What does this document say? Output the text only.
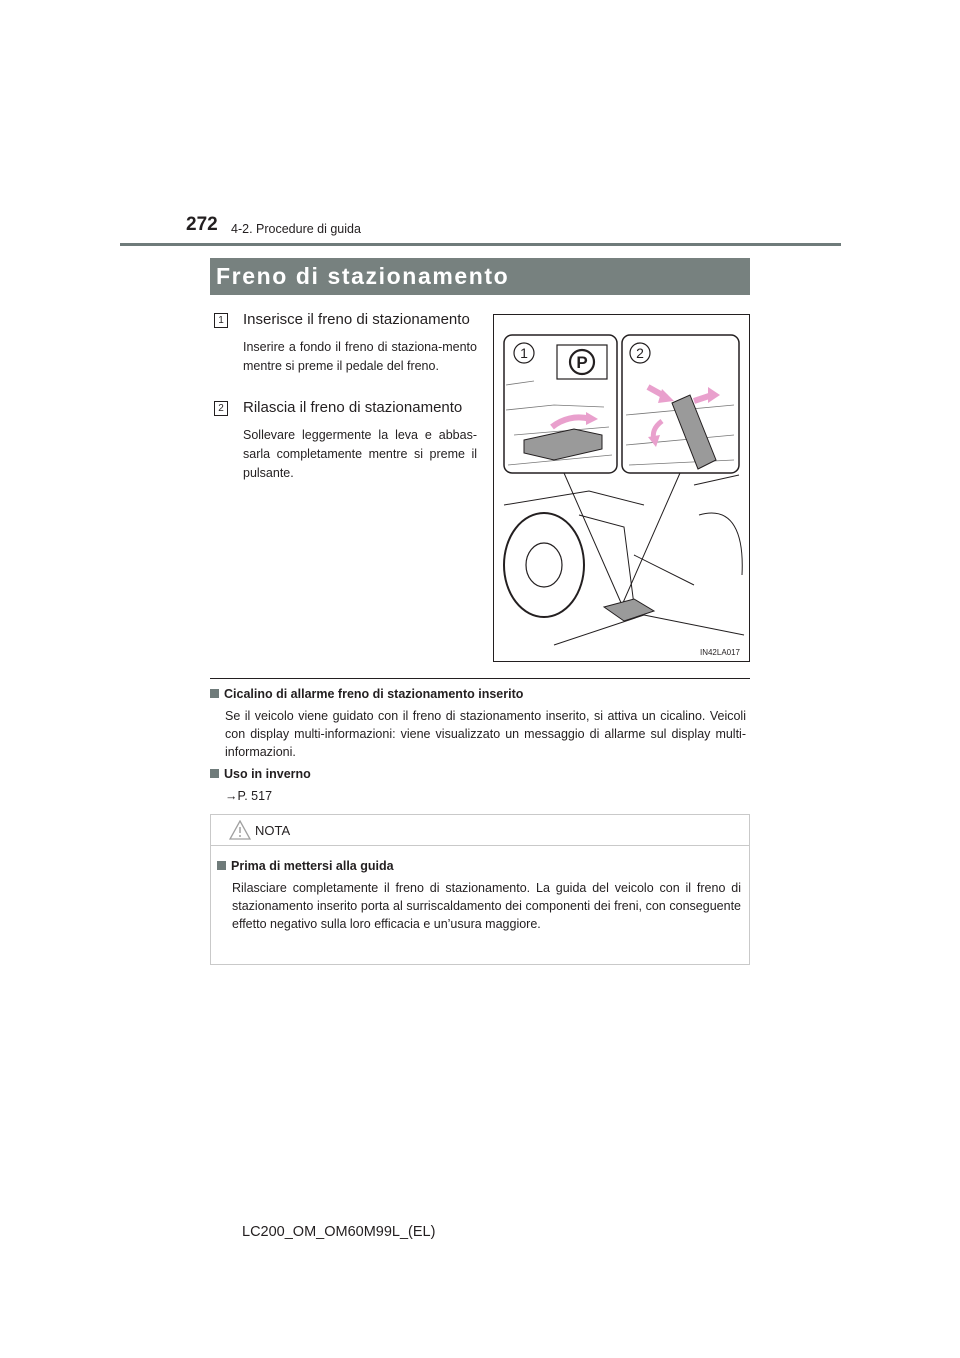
272 4-2. Procedure di guida
Freno di stazionamento
1 Inserisce il freno di stazionamento
Inserire a fondo il freno di staziona-mento mentre si preme il pedale del freno.
2 Rilascia il freno di stazionamento
Sollevare leggermente la leva e abbas-sarla completamente mentre si preme il pulsante.
1	P	2
IN42LA017
Cicalino di allarme freno di stazionamento inserito
Se il veicolo viene guidato con il freno di stazionamento inserito, si attiva un cicalino. Veicoli con display multi-informazioni: viene visualizzato un messaggio di allarme sul display multi-informazioni.
Uso in inverno
→P. 517
NOTA
Prima di mettersi alla guida
Rilasciare completamente il freno di stazionamento. La guida del veicolo con il freno di stazionamento inserito porta al surriscaldamento dei componenti dei freni, con conseguente effetto negativo sulla loro efficacia e un’usura maggiore.
LC200_OM_OM60M99L_(EL)
